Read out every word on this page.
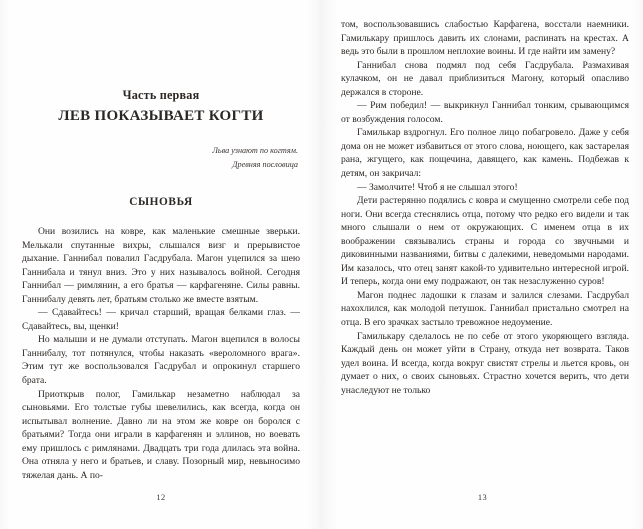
Часть первая
ЛЕВ ПОКАЗЫВАЕТ КОГТИ
Льва узнают по когтям.
Древняя пословица
СЫНОВЬЯ

Они возились на ковре, как маленькие смешные зверьки. Мелькали спутанные вихры, слышался визг и прерывистое дыхание. Ганнибал повалил Гасдрубала. Магон уцепился за шею Ганнибала и тянул вниз. Это у них называлось войной. Сегодня Ганнибал — римлянин, а его братья — карфагеняне. Силы равны. Ганнибалу девять лет, братьям столько же вместе взятым.

— Сдавайтесь! — кричал старший, вращая белками глаз. — Сдавайтесь, вы, щенки!

Но малыши и не думали отступать. Магон вцепился в волосы Ганнибалу, тот потянулся, чтобы наказать «вероломного врага». Этим тут же воспользовался Гасдрубал и опрокинул старшего брата.

Приоткрыв полог, Гамилькар незаметно наблюдал за сыновьями. Его толстые губы шевелились, как всегда, когда он испытывал волнение. Давно ли на этом же ковре он боролся с братьями? Тогда они играли в карфагенян и эллинов, но воевать ему пришлось с римлянами. Двадцать три года длилась эта война. Она отняла у него и братьев, и славу. Позорный мир, невыносимо тяжелая дань. А по-

12

том, воспользовавшись слабостью Карфагена, восстали наемники. Гамилькару пришлось давить их слонами, распинать на крестах. А ведь это были в прошлом неплохие воины. И где найти им замену?

Ганнибал снова подмял под себя Гасдрубала. Размахивая кулачком, он не давал приблизиться Магону, который опасливо держался в стороне.

— Рим победил! — выкрикнул Ганнибал тонким, срывающимся от возбуждения голосом.

Гамилькар вздрогнул. Его полное лицо побагровело. Даже у себя дома он не может избавиться от этого слова, ноющего, как застарелая рана, жгущего, как пощечина, давящего, как камень. Подбежав к детям, он закричал:

— Замолчите! Чтоб я не слышал этого!

Дети растерянно подялись с ковра и смущенно смотрели себе под ноги. Они всегда стеснялись отца, потому что редко его видели и так много слышали о нем от окружающих. С именем отца в их воображении связывались страны и города со звучными и диковинными названиями, битвы с далекими, неведомыми народами. Им казалось, что отец занят какой-то удивительно интересной игрой. И теперь, когда они ему подражают, он так незаслуженно суров!

Магон поднес ладошки к глазам и залился слезами. Гасдрубал нахохлился, как молодой петушок. Ганнибал пристально смотрел на отца. В его зрачках застыло тревожное недоумение.

Гамилькару сделалось не по себе от этого укоряющего взгляда. Каждый день он может уйти в Страну, откуда нет возврата. Таков удел воина. И всегда, когда вокруг свистят стрелы и льется кровь, он думает о них, о своих сыновьях. Страстно хочется верить, что дети унаследуют не только

13
